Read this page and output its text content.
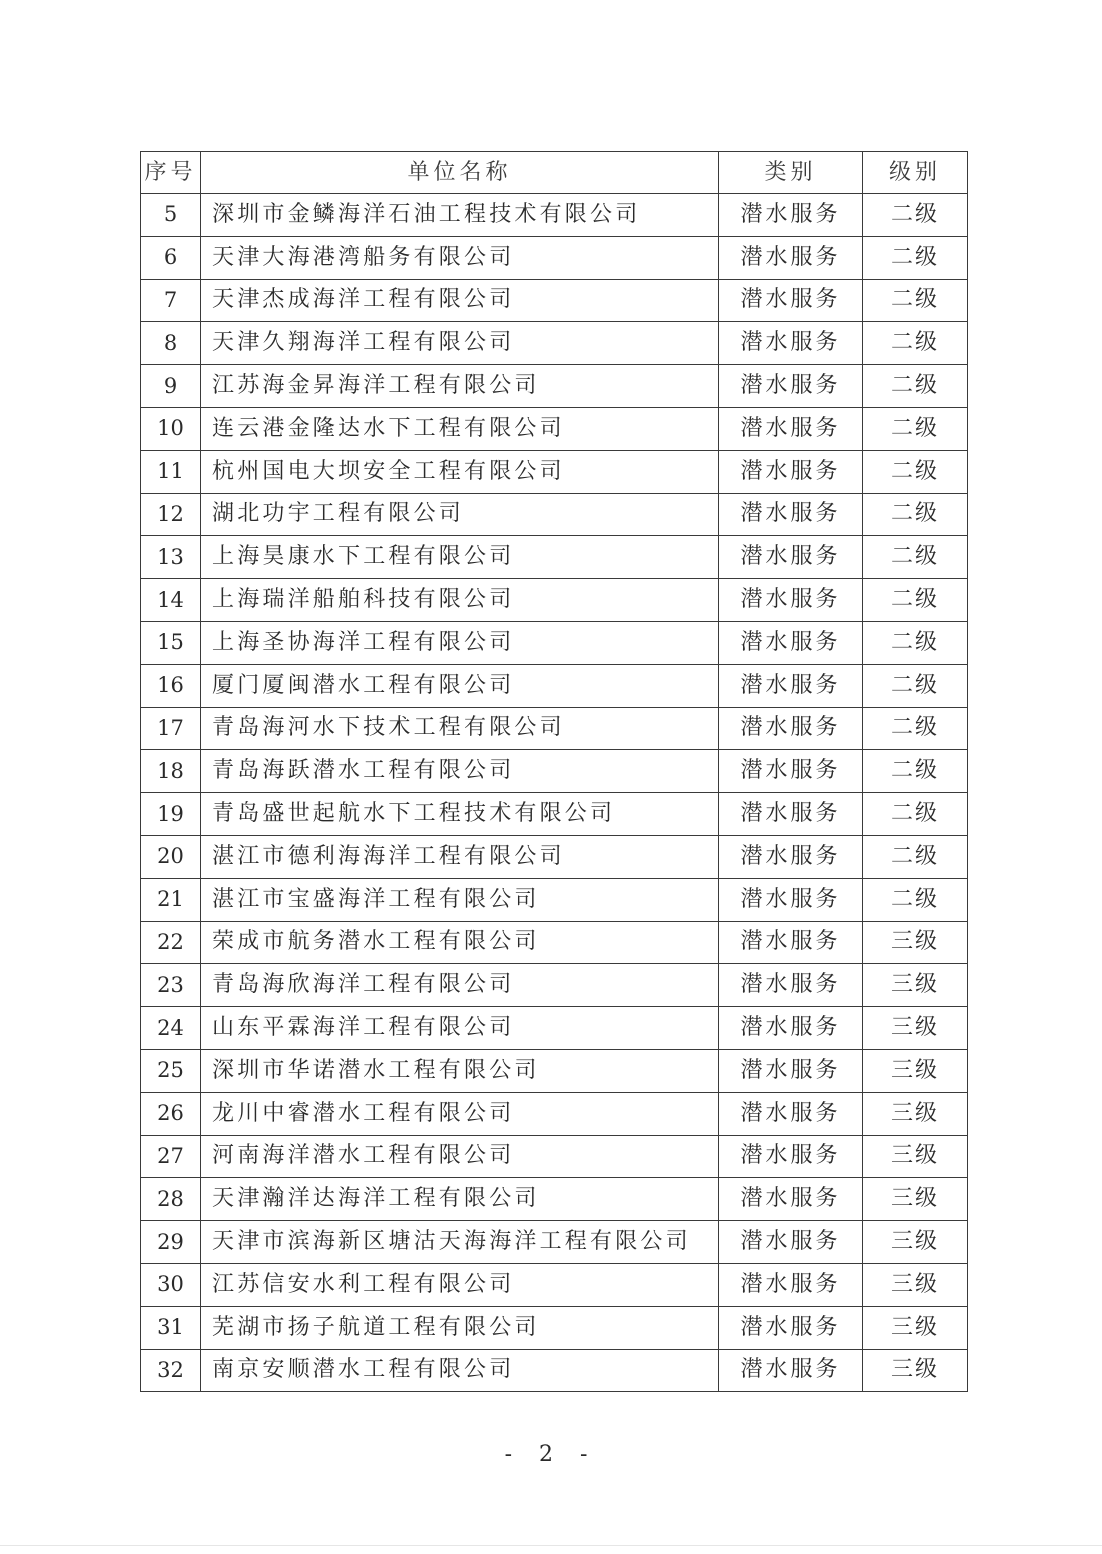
序号	单位名称	类别	级别
5	深圳市金鳞海洋石油工程技术有限公司	潜水服务	二级
6	天津大海港湾船务有限公司	潜水服务	二级
7	天津杰成海洋工程有限公司	潜水服务	二级
8	天津久翔海洋工程有限公司	潜水服务	二级
9	江苏海金昇海洋工程有限公司	潜水服务	二级
10	连云港金隆达水下工程有限公司	潜水服务	二级
11	杭州国电大坝安全工程有限公司	潜水服务	二级
12	湖北功宇工程有限公司	潜水服务	二级
13	上海昊康水下工程有限公司	潜水服务	二级
14	上海瑞洋船舶科技有限公司	潜水服务	二级
15	上海圣协海洋工程有限公司	潜水服务	二级
16	厦门厦闽潜水工程有限公司	潜水服务	二级
17	青岛海河水下技术工程有限公司	潜水服务	二级
18	青岛海跃潜水工程有限公司	潜水服务	二级
19	青岛盛世起航水下工程技术有限公司	潜水服务	二级
20	湛江市德利海海洋工程有限公司	潜水服务	二级
21	湛江市宝盛海洋工程有限公司	潜水服务	二级
22	荣成市航务潜水工程有限公司	潜水服务	三级
23	青岛海欣海洋工程有限公司	潜水服务	三级
24	山东平霖海洋工程有限公司	潜水服务	三级
25	深圳市华诺潜水工程有限公司	潜水服务	三级
26	龙川中睿潜水工程有限公司	潜水服务	三级
27	河南海洋潜水工程有限公司	潜水服务	三级
28	天津瀚洋达海洋工程有限公司	潜水服务	三级
29	天津市滨海新区塘沽天海海洋工程有限公司	潜水服务	三级
30	江苏信安水利工程有限公司	潜水服务	三级
31	芜湖市扬子航道工程有限公司	潜水服务	三级
32	南京安顺潜水工程有限公司	潜水服务	三级
- 2 -
